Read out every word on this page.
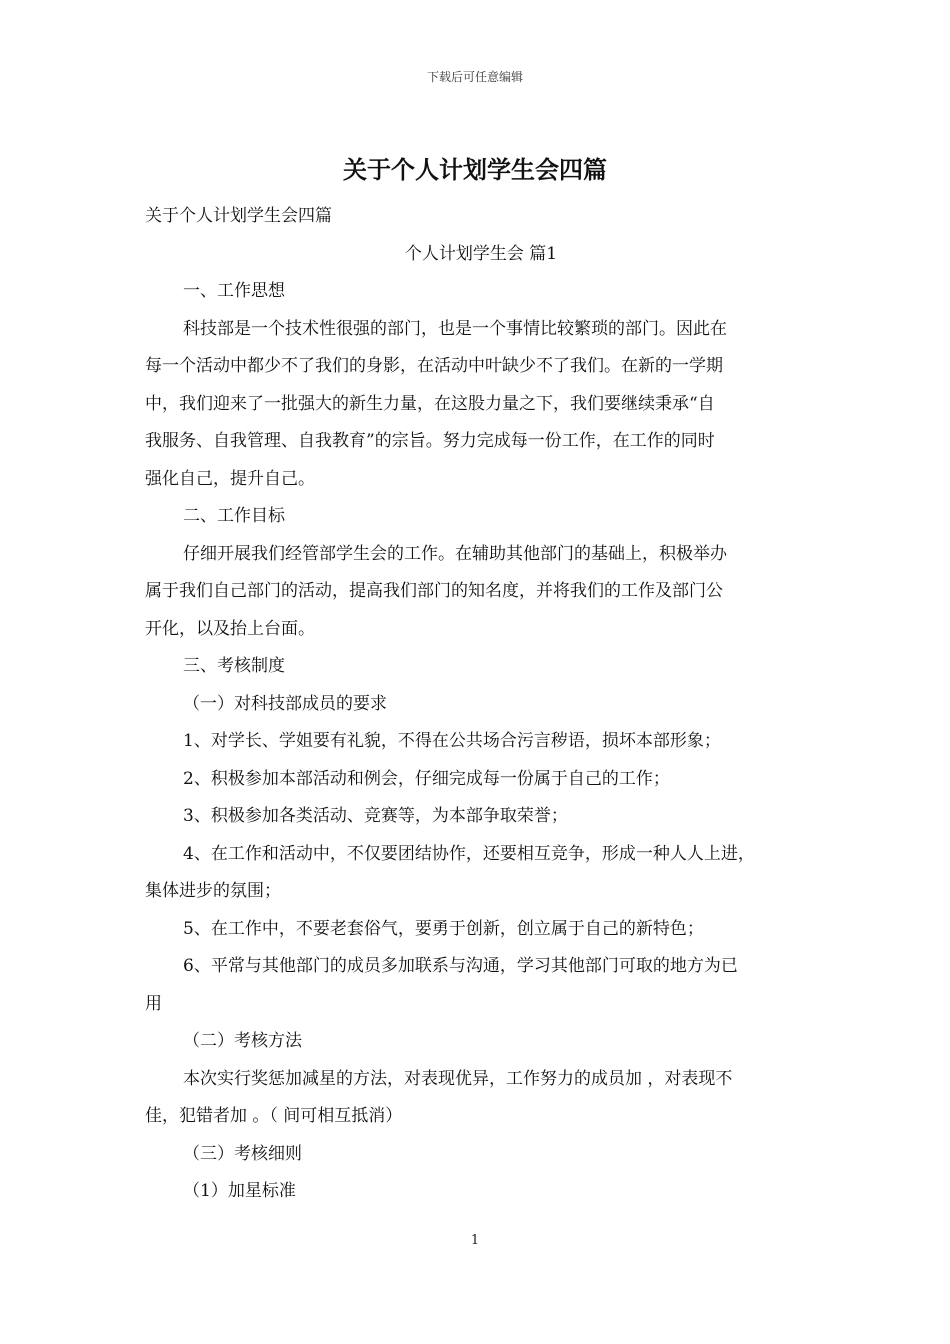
下载后可任意编辑
关于个人计划学生会四篇

关于个人计划学生会四篇

个人计划学生会 篇1

一、工作思想

科技部是一个技术性很强的部门，也是一个事情比较繁琐的部门。因此在

每一个活动中都少不了我们的身影，在活动中叶缺少不了我们。在新的一学期

中，我们迎来了一批强大的新生力量，在这股力量之下，我们要继续秉承“自

我服务、自我管理、自我教育”的宗旨。努力完成每一份工作，在工作的同时

强化自己，提升自己。

二、工作目标

仔细开展我们经管部学生会的工作。在辅助其他部门的基础上，积极举办

属于我们自己部门的活动，提高我们部门的知名度，并将我们的工作及部门公

开化，以及抬上台面。

三、考核制度

（一）对科技部成员的要求

1、对学长、学姐要有礼貌，不得在公共场合污言秽语，损坏本部形象；

2、积极参加本部活动和例会，仔细完成每一份属于自己的工作；

3、积极参加各类活动、竞赛等，为本部争取荣誉；

4、在工作和活动中，不仅要团结协作，还要相互竞争，形成一种人人上进，

集体进步的氛围；

5、在工作中，不要老套俗气，要勇于创新，创立属于自己的新特色；

6、平常与其他部门的成员多加联系与沟通，学习其他部门可取的地方为已

用

（二）考核方法

本次实行奖惩加减星的方法，对表现优异，工作努力的成员加 ，对表现不

佳，犯错者加 。（ 间可相互抵消）

（三）考核细则

（1）加星标准

1
